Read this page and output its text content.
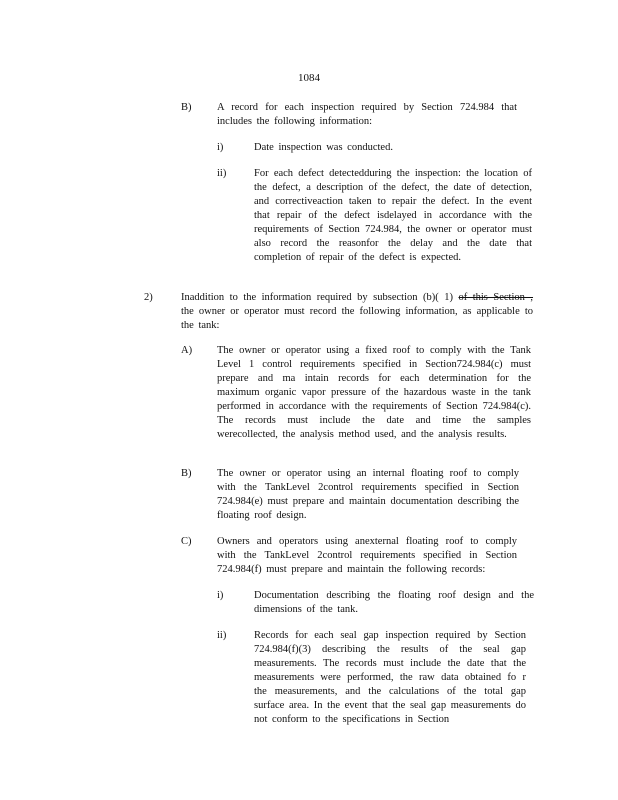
1084
B) A record for each inspection required by Section 724.984 that includes the following information:
i)	Date inspection was conducted.
ii)	For each defect detectedduring the inspection: the location of the defect, a description of the defect, the date of detection, and correctiveaction taken to repair the defect. In the event that repair of the defect isdelayed in accordance with the requirements of Section 724.984, the owner or operator must also record the reasonfor the delay and the date that completion of repair of the defect is expected.
2)	Inaddition to the information required by subsection (b)( 1) of this Section , the owner or operator must record the following information, as applicable to the tank:
A) The owner or operator using a fixed roof to comply with the Tank Level 1 control requirements specified in Section724.984(c) must prepare and ma intain records for each determination for the maximum organic vapor pressure of the hazardous waste in the tank performed in accordance with the requirements of Section 724.984(c). The records must include the date and time the samples werecollected, the analysis method used, and the analysis results.
B) The owner or operator using an internal floating roof to comply with the TankLevel 2control requirements specified in Section 724.984(e) must prepare and maintain documentation describing the floating roof design.
C) Owners and operators using anexternal floating roof to comply with the TankLevel 2control requirements specified in Section 724.984(f) must prepare and maintain the following records:
i)	Documentation describing the floating roof design and the dimensions of the tank.
ii)	Records for each seal gap inspection required by Section 724.984(f)(3) describing the results of the seal gap measurements. The records must include the date that the measurements were performed, the raw data obtained fo r the measurements, and the calculations of the total gap surface area. In the event that the seal gap measurements do not conform to the specifications in Section
